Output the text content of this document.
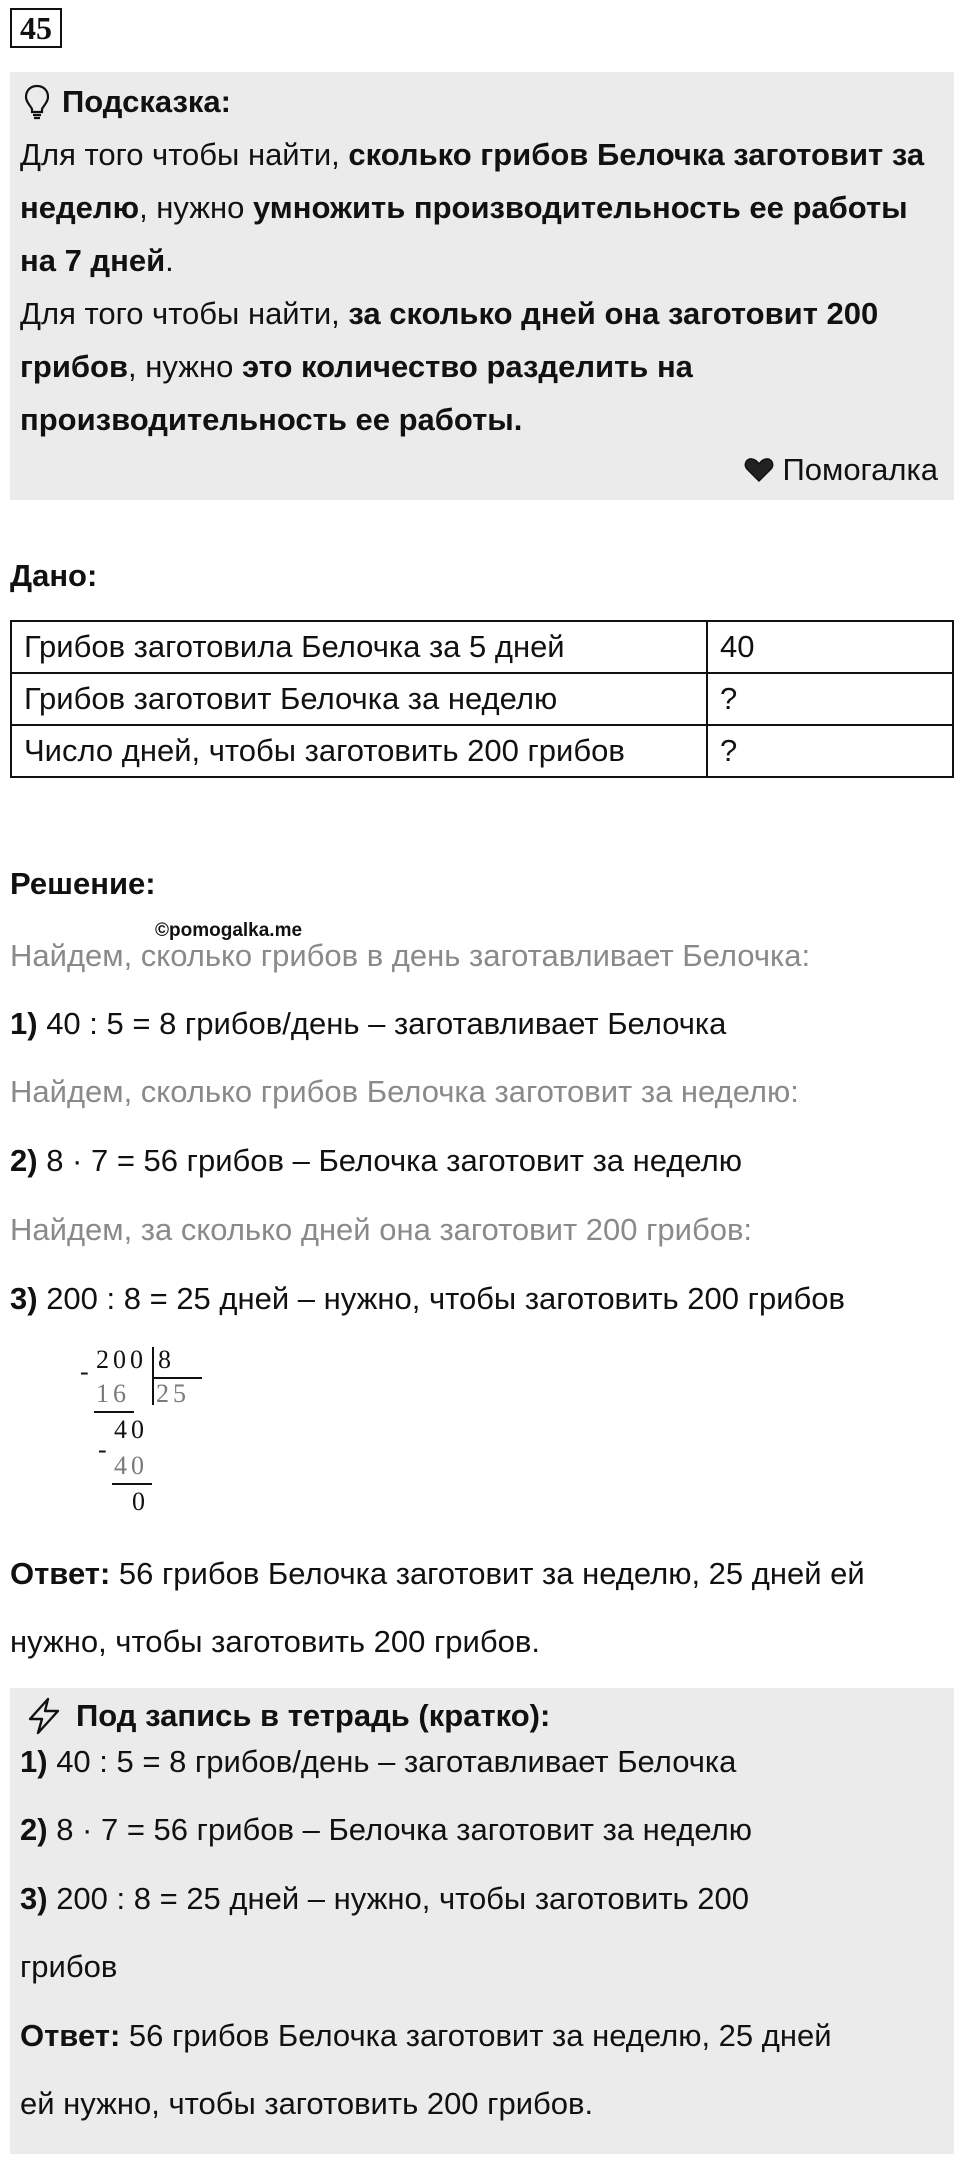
45
Подсказка:

Для того чтобы найти, сколько грибов Белочка заготовит за неделю, нужно умножить производительность ее работы на 7 дней.

Для того чтобы найти, за сколько дней она заготовит 200 грибов, нужно это количество разделить на производительность ее работы.

Помогалка
Дано:
Грибов заготовила Белочка за 5 дней	40
Грибов заготовит Белочка за неделю	?
Число дней, чтобы заготовить 200 грибов	?
Решение:
©pomogalka.me
Найдем, сколько грибов в день заготавливает Белочка:
1) 40 : 5 = 8 грибов/день – заготавливает Белочка
Найдем, сколько грибов Белочка заготовит за неделю:
2) 8 · 7 = 56 грибов – Белочка заготовит за неделю
Найдем, за сколько дней она заготовит 200 грибов:
3) 200 : 8 = 25 дней – нужно, чтобы заготовить 200 грибов
- 200 8
16 25
40
-
40
0
Ответ: 56 грибов Белочка заготовит за неделю, 25 дней ей
нужно, чтобы заготовить 200 грибов.
Под запись в тетрадь (кратко):
1) 40 : 5 = 8 грибов/день – заготавливает Белочка
2) 8 · 7 = 56 грибов – Белочка заготовит за неделю
3) 200 : 8 = 25 дней – нужно, чтобы заготовить 200
грибов
Ответ: 56 грибов Белочка заготовит за неделю, 25 дней
ей нужно, чтобы заготовить 200 грибов.
